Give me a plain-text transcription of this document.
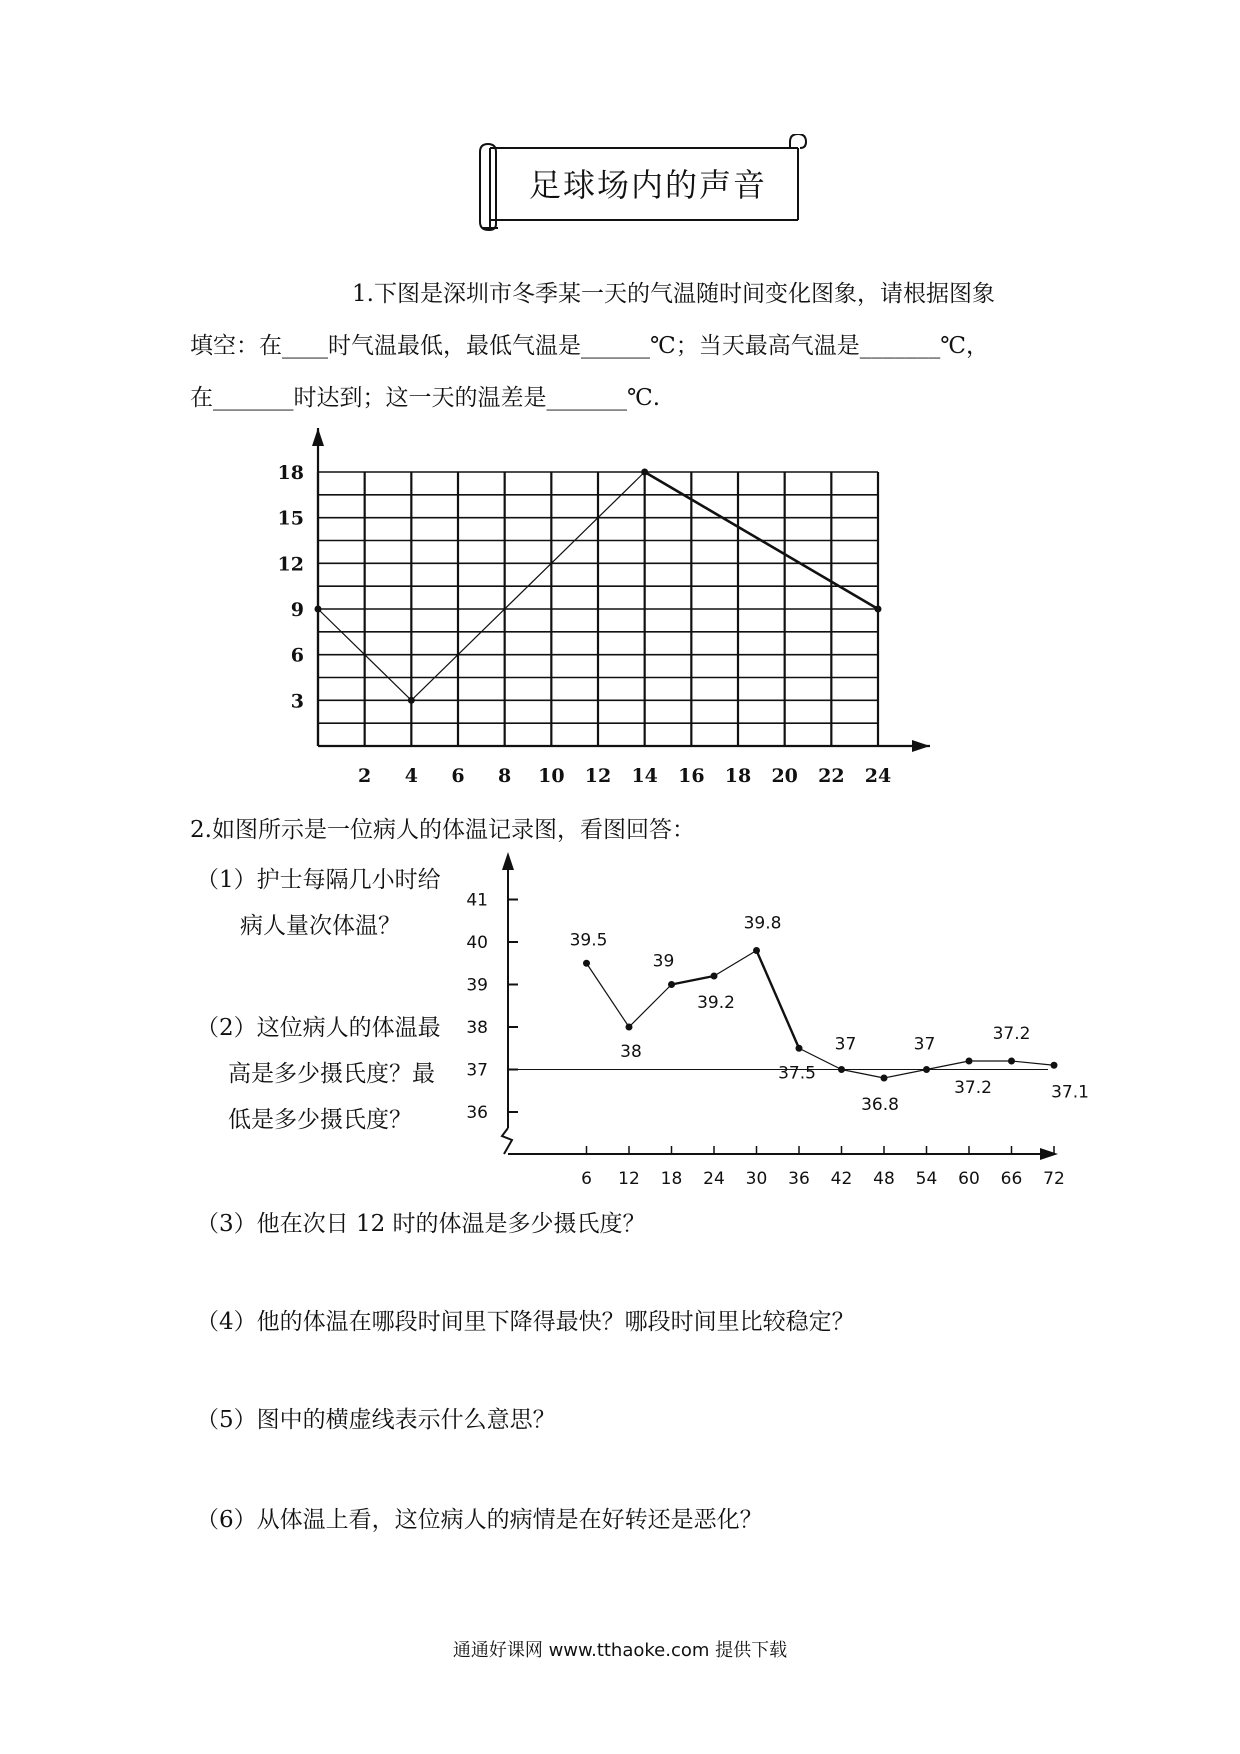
足球场内的声音
1.下图是深圳市冬季某一天的气温随时间变化图象，请根据图象
填空：在____时气温最低，最低气温是______℃；当天最高气温是_______℃，
在_______时达到；这一天的温差是_______℃.
2 4 6 8 10 12 14 16 18 20 22 24
3
6
9
12
15
18
2.如图所示是一位病人的体温记录图，看图回答：
（1）护士每隔几小时给
病人量次体温？
（2）这位病人的体温最
高是多少摄氏度？最
低是多少摄氏度？	36
37
38
39
40
41
6 12 18 24 30 36 42 48 54 60 66 72
39.5
38
39
39.2
39.8
37.5
37
36.8
37
37.2
37.2
37.1
（3）他在次日 12 时的体温是多少摄氏度？
（4）他的体温在哪段时间里下降得最快？哪段时间里比较稳定？
（5）图中的横虚线表示什么意思？
（6）从体温上看，这位病人的病情是在好转还是恶化？
通通好课网 www.tthaoke.com 提供下载
